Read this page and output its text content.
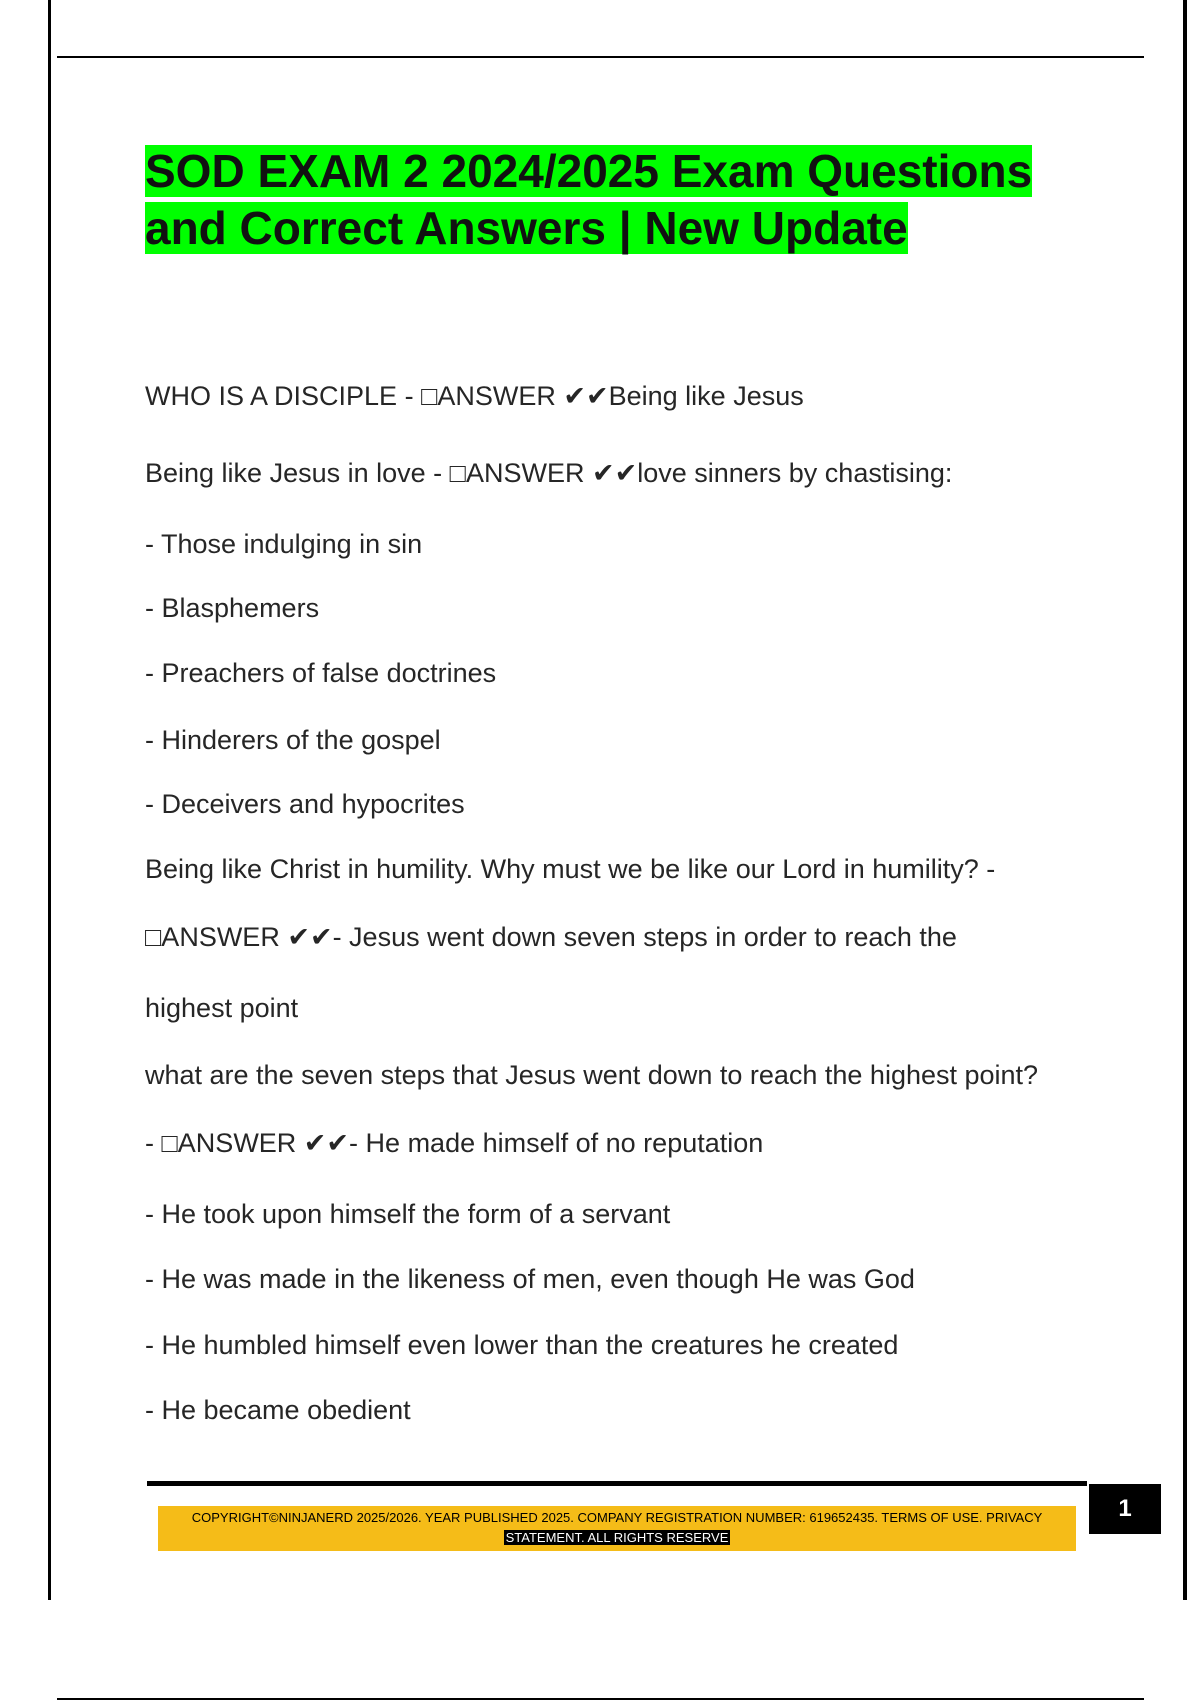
SOD EXAM 2 2024/2025 Exam Questions
and Correct Answers | New Update
WHO IS A DISCIPLE - □ANSWER ✔✔Being like Jesus
Being like Jesus in love - □ANSWER ✔✔love sinners by chastising:
- Those indulging in sin
- Blasphemers
- Preachers of false doctrines
- Hinderers of the gospel
- Deceivers and hypocrites
Being like Christ in humility. Why must we be like our Lord in humility? -
□ANSWER ✔✔- Jesus went down seven steps in order to reach the
highest point
what are the seven steps that Jesus went down to reach the highest point?
- □ANSWER ✔✔- He made himself of no reputation
- He took upon himself the form of a servant
- He was made in the likeness of men, even though He was God
- He humbled himself even lower than the creatures he created
- He became obedient
1
COPYRIGHT©NINJANERD 2025/2026. YEAR PUBLISHED 2025. COMPANY REGISTRATION NUMBER: 619652435. TERMS OF USE. PRIVACY
STATEMENT. ALL RIGHTS RESERVE
